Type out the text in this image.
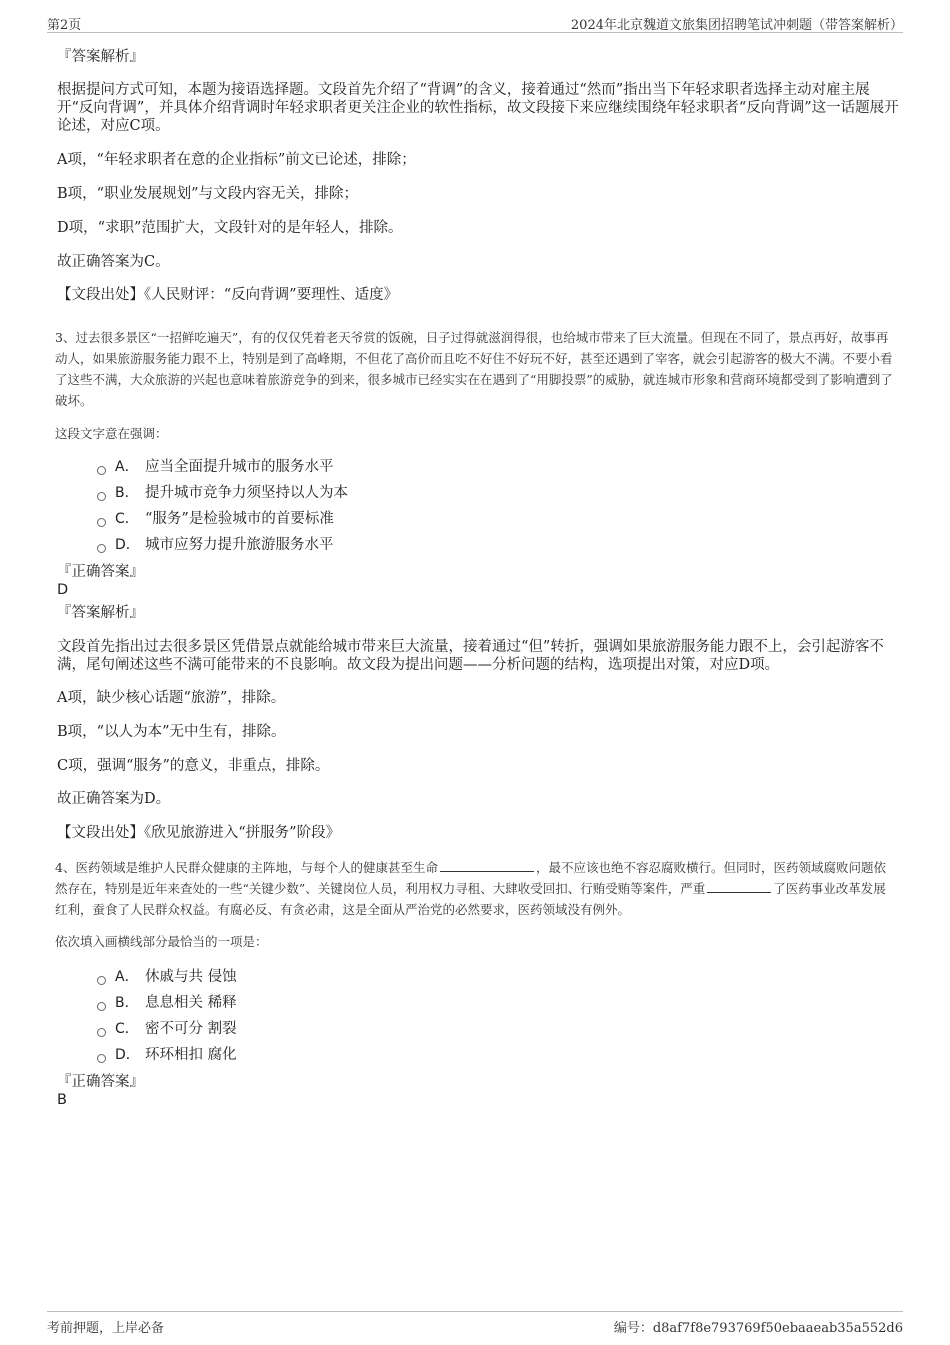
第2页	2024年北京魏道文旅集团招聘笔试冲刺题（带答案解析）
『答案解析』
根据提问方式可知，本题为接语选择题。文段首先介绍了“背调”的含义，接着通过“然而”指出当下年轻求职者选择主动对雇主展开“反向背调”，并具体介绍背调时年轻求职者更关注企业的软性指标，故文段接下来应继续围绕年轻求职者“反向背调”这一话题展开论述，对应C项。
A项，“年轻求职者在意的企业指标”前文已论述，排除；
B项，“职业发展规划”与文段内容无关，排除；
D项，“求职”范围扩大，文段针对的是年轻人，排除。
故正确答案为C。
【文段出处】《人民财评：“反向背调”要理性、适度》
3、过去很多景区“一招鲜吃遍天”，有的仅仅凭着老天爷赏的饭碗，日子过得就滋润得很，也给城市带来了巨大流量。但现在不同了，景点再好，故事再动人，如果旅游服务能力跟不上，特别是到了高峰期，不但花了高价而且吃不好住不好玩不好，甚至还遇到了宰客，就会引起游客的极大不满。不要小看了这些不满，大众旅游的兴起也意味着旅游竞争的到来，很多城市已经实实在在遇到了“用脚投票”的威胁，就连城市形象和营商环境都受到了影响遭到了破坏。
这段文字意在强调：
A． 应当全面提升城市的服务水平
B． 提升城市竞争力须坚持以人为本
C． “服务”是检验城市的首要标准
D． 城市应努力提升旅游服务水平
『正确答案』
D
『答案解析』
文段首先指出过去很多景区凭借景点就能给城市带来巨大流量，接着通过“但”转折，强调如果旅游服务能力跟不上，会引起游客不满，尾句阐述这些不满可能带来的不良影响。故文段为提出问题——分析问题的结构，选项提出对策，对应D项。
A项，缺少核心话题“旅游”，排除。
B项，“以人为本”无中生有，排除。
C项，强调“服务”的意义，非重点，排除。
故正确答案为D。
【文段出处】《欣见旅游进入“拼服务”阶段》
4、医药领域是维护人民群众健康的主阵地，与每个人的健康甚至生命	，最不应该也绝不容忍腐败横行。但同时，医药领域腐败问题依然存在，特别是近年来查处的一些“关键少数”、关键岗位人员，利用权力寻租、大肆收受回扣、行贿受贿等案件，严重	了医药事业改革发展红利，蚕食了人民群众权益。有腐必反、有贪必肃，这是全面从严治党的必然要求，医药领域没有例外。
依次填入画横线部分最恰当的一项是：
A． 休戚与共 侵蚀
B． 息息相关 稀释
C． 密不可分 割裂
D． 环环相扣 腐化
『正确答案』
B
考前押题，上岸必备	编号：d8af7f8e793769f50ebaaeab35a552d6
